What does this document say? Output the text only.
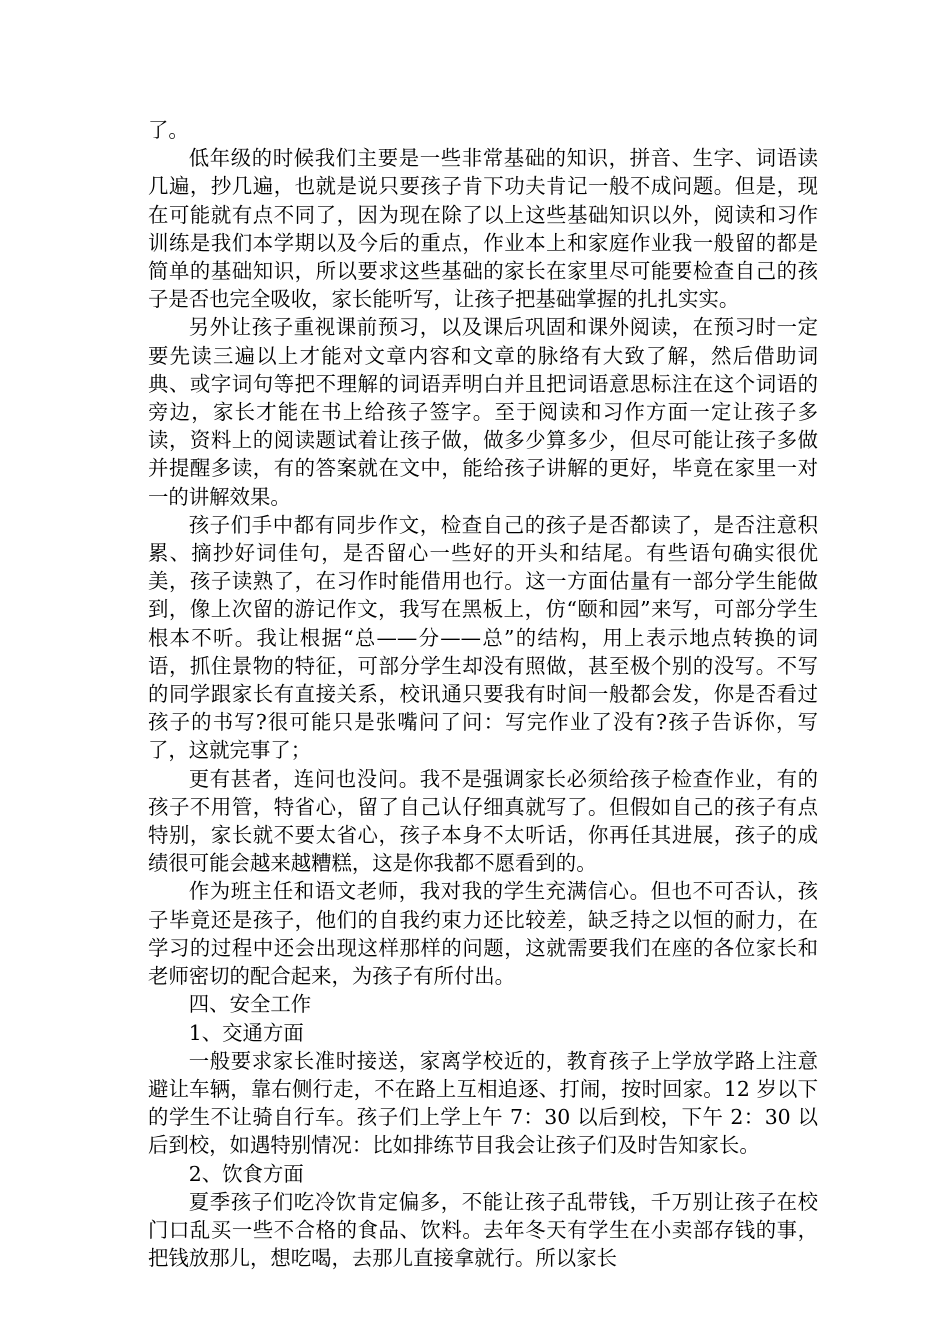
了。

低年级的时候我们主要是一些非常基础的知识，拼音、生字、词语读几遍，抄几遍，也就是说只要孩子肯下功夫肯记一般不成问题。但是，现在可能就有点不同了，因为现在除了以上这些基础知识以外，阅读和习作训练是我们本学期以及今后的重点，作业本上和家庭作业我一般留的都是简单的基础知识，所以要求这些基础的家长在家里尽可能要检查自己的孩子是否也完全吸收，家长能听写，让孩子把基础掌握的扎扎实实。

另外让孩子重视课前预习，以及课后巩固和课外阅读，在预习时一定要先读三遍以上才能对文章内容和文章的脉络有大致了解，然后借助词典、或字词句等把不理解的词语弄明白并且把词语意思标注在这个词语的旁边，家长才能在书上给孩子签字。至于阅读和习作方面一定让孩子多读，资料上的阅读题试着让孩子做，做多少算多少，但尽可能让孩子多做并提醒多读，有的答案就在文中，能给孩子讲解的更好，毕竟在家里一对一的讲解效果。

孩子们手中都有同步作文，检查自己的孩子是否都读了，是否注意积累、摘抄好词佳句，是否留心一些好的开头和结尾。有些语句确实很优美，孩子读熟了，在习作时能借用也行。这一方面估量有一部分学生能做到，像上次留的游记作文，我写在黑板上，仿“颐和园”来写，可部分学生根本不听。我让根据“总——分——总”的结构，用上表示地点转换的词语，抓住景物的特征，可部分学生却没有照做，甚至极个别的没写。不写的同学跟家长有直接关系，校讯通只要我有时间一般都会发，你是否看过孩子的书写?很可能只是张嘴问了问：写完作业了没有?孩子告诉你，写了，这就完事了；

更有甚者，连问也没问。我不是强调家长必须给孩子检查作业，有的孩子不用管，特省心，留了自己认仔细真就写了。但假如自己的孩子有点特别，家长就不要太省心，孩子本身不太听话，你再任其进展，孩子的成绩很可能会越来越糟糕，这是你我都不愿看到的。

作为班主任和语文老师，我对我的学生充满信心。但也不可否认，孩子毕竟还是孩子，他们的自我约束力还比较差，缺乏持之以恒的耐力，在学习的过程中还会出现这样那样的问题，这就需要我们在座的各位家长和老师密切的配合起来，为孩子有所付出。

四、安全工作

1、交通方面

一般要求家长准时接送，家离学校近的，教育孩子上学放学路上注意避让车辆，靠右侧行走，不在路上互相追逐、打闹，按时回家。12 岁以下的学生不让骑自行车。孩子们上学上午 7：30 以后到校，下午 2：30 以后到校，如遇特别情况：比如排练节目我会让孩子们及时告知家长。

2、饮食方面

夏季孩子们吃冷饮肯定偏多，不能让孩子乱带钱，千万别让孩子在校门口乱买一些不合格的食品、饮料。去年冬天有学生在小卖部存钱的事，把钱放那儿，想吃喝，去那儿直接拿就行。所以家长
